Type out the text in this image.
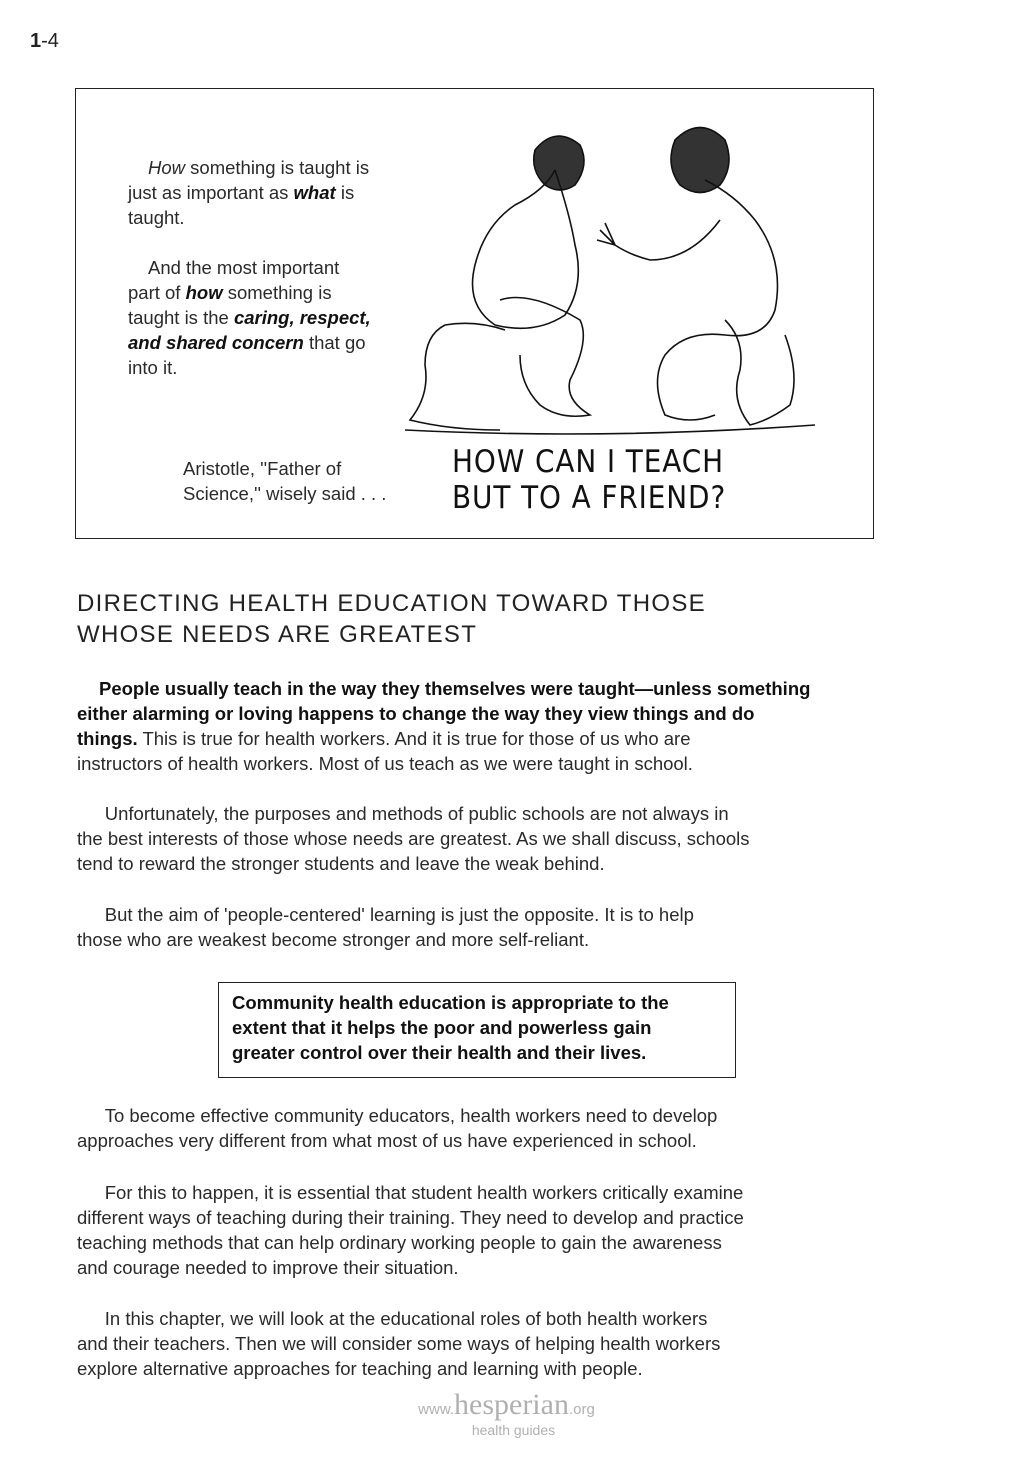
1-4
How something is taught is
just as important as what is
taught.
And the most important
part of how something is
taught is the caring, respect,
and shared concern that go
into it.
Aristotle, ''Father of
Science,'' wisely said . . .
HOW CAN I TEACH
BUT TO A FRIEND?
DIRECTING HEALTH EDUCATION TOWARD THOSE
WHOSE NEEDS ARE GREATEST
People usually teach in the way they themselves were taught—unless something
either alarming or loving happens to change the way they view things and do
things. This is true for health workers. And it is true for those of us who are
instructors of health workers. Most of us teach as we were taught in school.
  Unfortunately, the purposes and methods of public schools are not always in
the best interests of those whose needs are greatest. As we shall discuss, schools
tend to reward the stronger students and leave the weak behind.
  But the aim of 'people-centered' learning is just the opposite. It is to help
those who are weakest become stronger and more self-reliant.
Community health education is appropriate to the
extent that it helps the poor and powerless gain
greater control over their health and their lives.
  To become effective community educators, health workers need to develop
approaches very different from what most of us have experienced in school.
  For this to happen, it is essential that student health workers critically examine
different ways of teaching during their training. They need to develop and practice
teaching methods that can help ordinary working people to gain the awareness
and courage needed to improve their situation.
  In this chapter, we will look at the educational roles of both health workers
and their teachers. Then we will consider some ways of helping health workers
explore alternative approaches for teaching and learning with people.
www.hesperian.org
health guides
